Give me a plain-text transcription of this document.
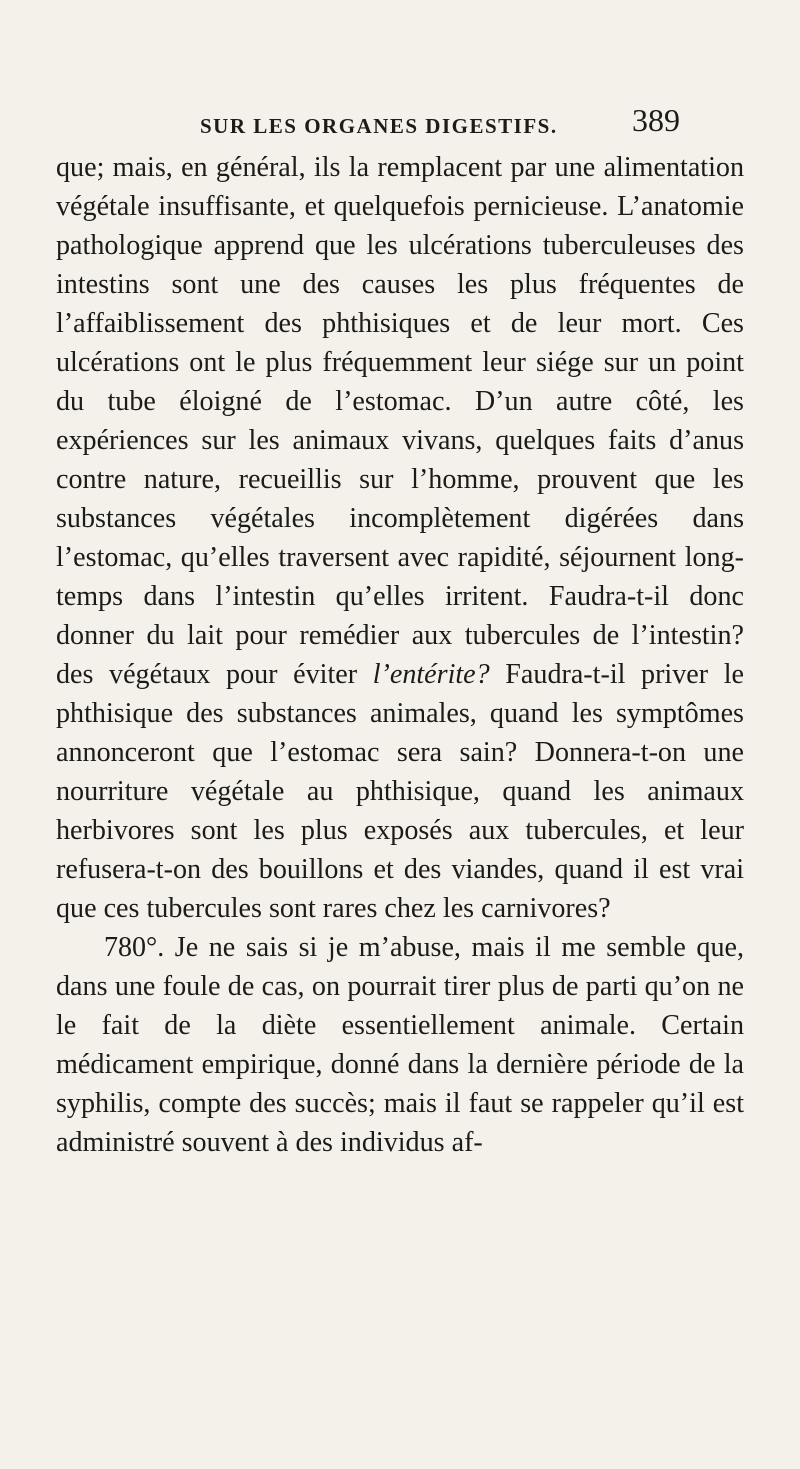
SUR LES ORGANES DIGESTIFS. 389

que; mais, en général, ils la remplacent par une alimentation végétale insuffisante, et quelquefois pernicieuse. L’anatomie pathologique apprend que les ulcérations tuberculeuses des intestins sont une des causes les plus fréquentes de l’affaiblissement des phthisiques et de leur mort. Ces ulcérations ont le plus fréquemment leur siége sur un point du tube éloigné de l’estomac. D’un autre côté, les expériences sur les animaux vivans, quelques faits d’anus contre nature, recueillis sur l’homme, prouvent que les substances végétales incomplètement digérées dans l’estomac, qu’elles traversent avec rapidité, séjournent long-temps dans l’intestin qu’elles irritent. Faudra-t-il donc donner du lait pour remédier aux tubercules de l’intestin? des végétaux pour éviter l’entérite? Faudra-t-il priver le phthisique des substances animales, quand les symptômes annonceront que l’estomac sera sain? Donnera-t-on une nourriture végétale au phthisique, quand les animaux herbivores sont les plus exposés aux tubercules, et leur refusera-t-on des bouillons et des viandes, quand il est vrai que ces tubercules sont rares chez les carnivores?

780°. Je ne sais si je m’abuse, mais il me semble que, dans une foule de cas, on pourrait tirer plus de parti qu’on ne le fait de la diète essentiellement animale. Certain médicament empirique, donné dans la dernière période de la syphilis, compte des succès; mais il faut se rappeler qu’il est administré souvent à des individus af-
